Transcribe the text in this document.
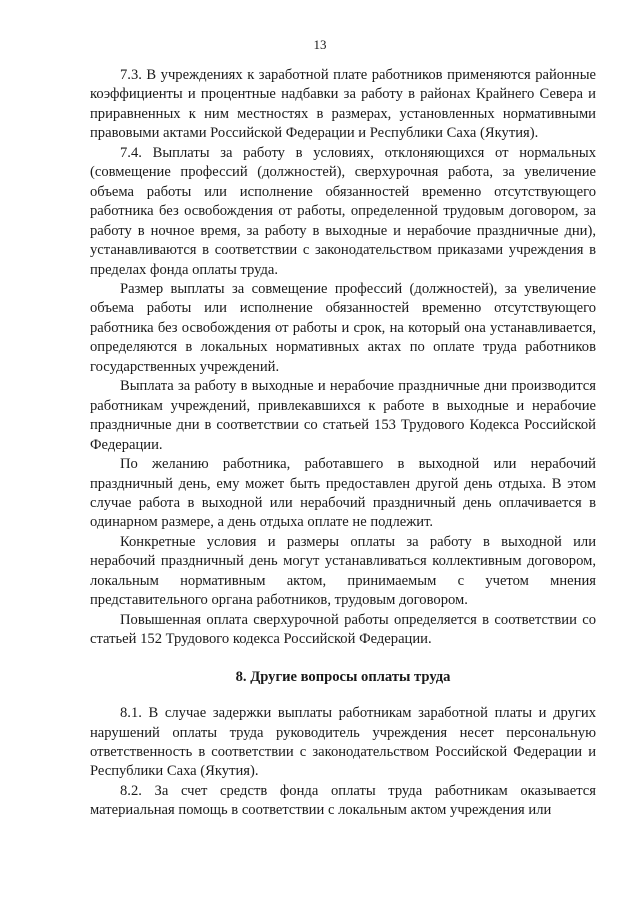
13

7.3. В учреждениях к заработной плате работников применяются районные коэффициенты и процентные надбавки за работу в районах Крайнего Севера и приравненных к ним местностях в размерах, установленных нормативными правовыми актами Российской Федерации и Республики Саха (Якутия).

7.4. Выплаты за работу в условиях, отклоняющихся от нормальных (совмещение профессий (должностей), сверхурочная работа, за увеличение объема работы или исполнение обязанностей временно отсутствующего работника без освобождения от работы, определенной трудовым договором, за работу в ночное время, за работу в выходные и нерабочие праздничные дни), устанавливаются в соответствии с законодательством приказами учреждения в пределах фонда оплаты труда.

Размер выплаты за совмещение профессий (должностей), за увеличение объема работы или исполнение обязанностей временно отсутствующего работника без освобождения от работы и срок, на который она устанавливается, определяются в локальных нормативных актах по оплате труда работников государственных учреждений.

Выплата за работу в выходные и нерабочие праздничные дни производится работникам учреждений, привлекавшихся к работе в выходные и нерабочие праздничные дни в соответствии со статьей 153 Трудового Кодекса Российской Федерации.

По желанию работника, работавшего в выходной или нерабочий праздничный день, ему может быть предоставлен другой день отдыха. В этом случае работа в выходной или нерабочий праздничный день оплачивается в одинарном размере, а день отдыха оплате не подлежит.

Конкретные условия и размеры оплаты за работу в выходной или нерабочий праздничный день могут устанавливаться коллективным договором, локальным нормативным актом, принимаемым с учетом мнения представительного органа работников, трудовым договором.

Повышенная оплата сверхурочной работы определяется в соответствии со статьей 152 Трудового кодекса Российской Федерации.

8. Другие вопросы оплаты труда

8.1. В случае задержки выплаты работникам заработной платы и других нарушений оплаты труда руководитель учреждения несет персональную ответственность в соответствии с законодательством Российской Федерации и Республики Саха (Якутия).

8.2. За счет средств фонда оплаты труда работникам оказывается материальная помощь в соответствии с локальным актом учреждения или
